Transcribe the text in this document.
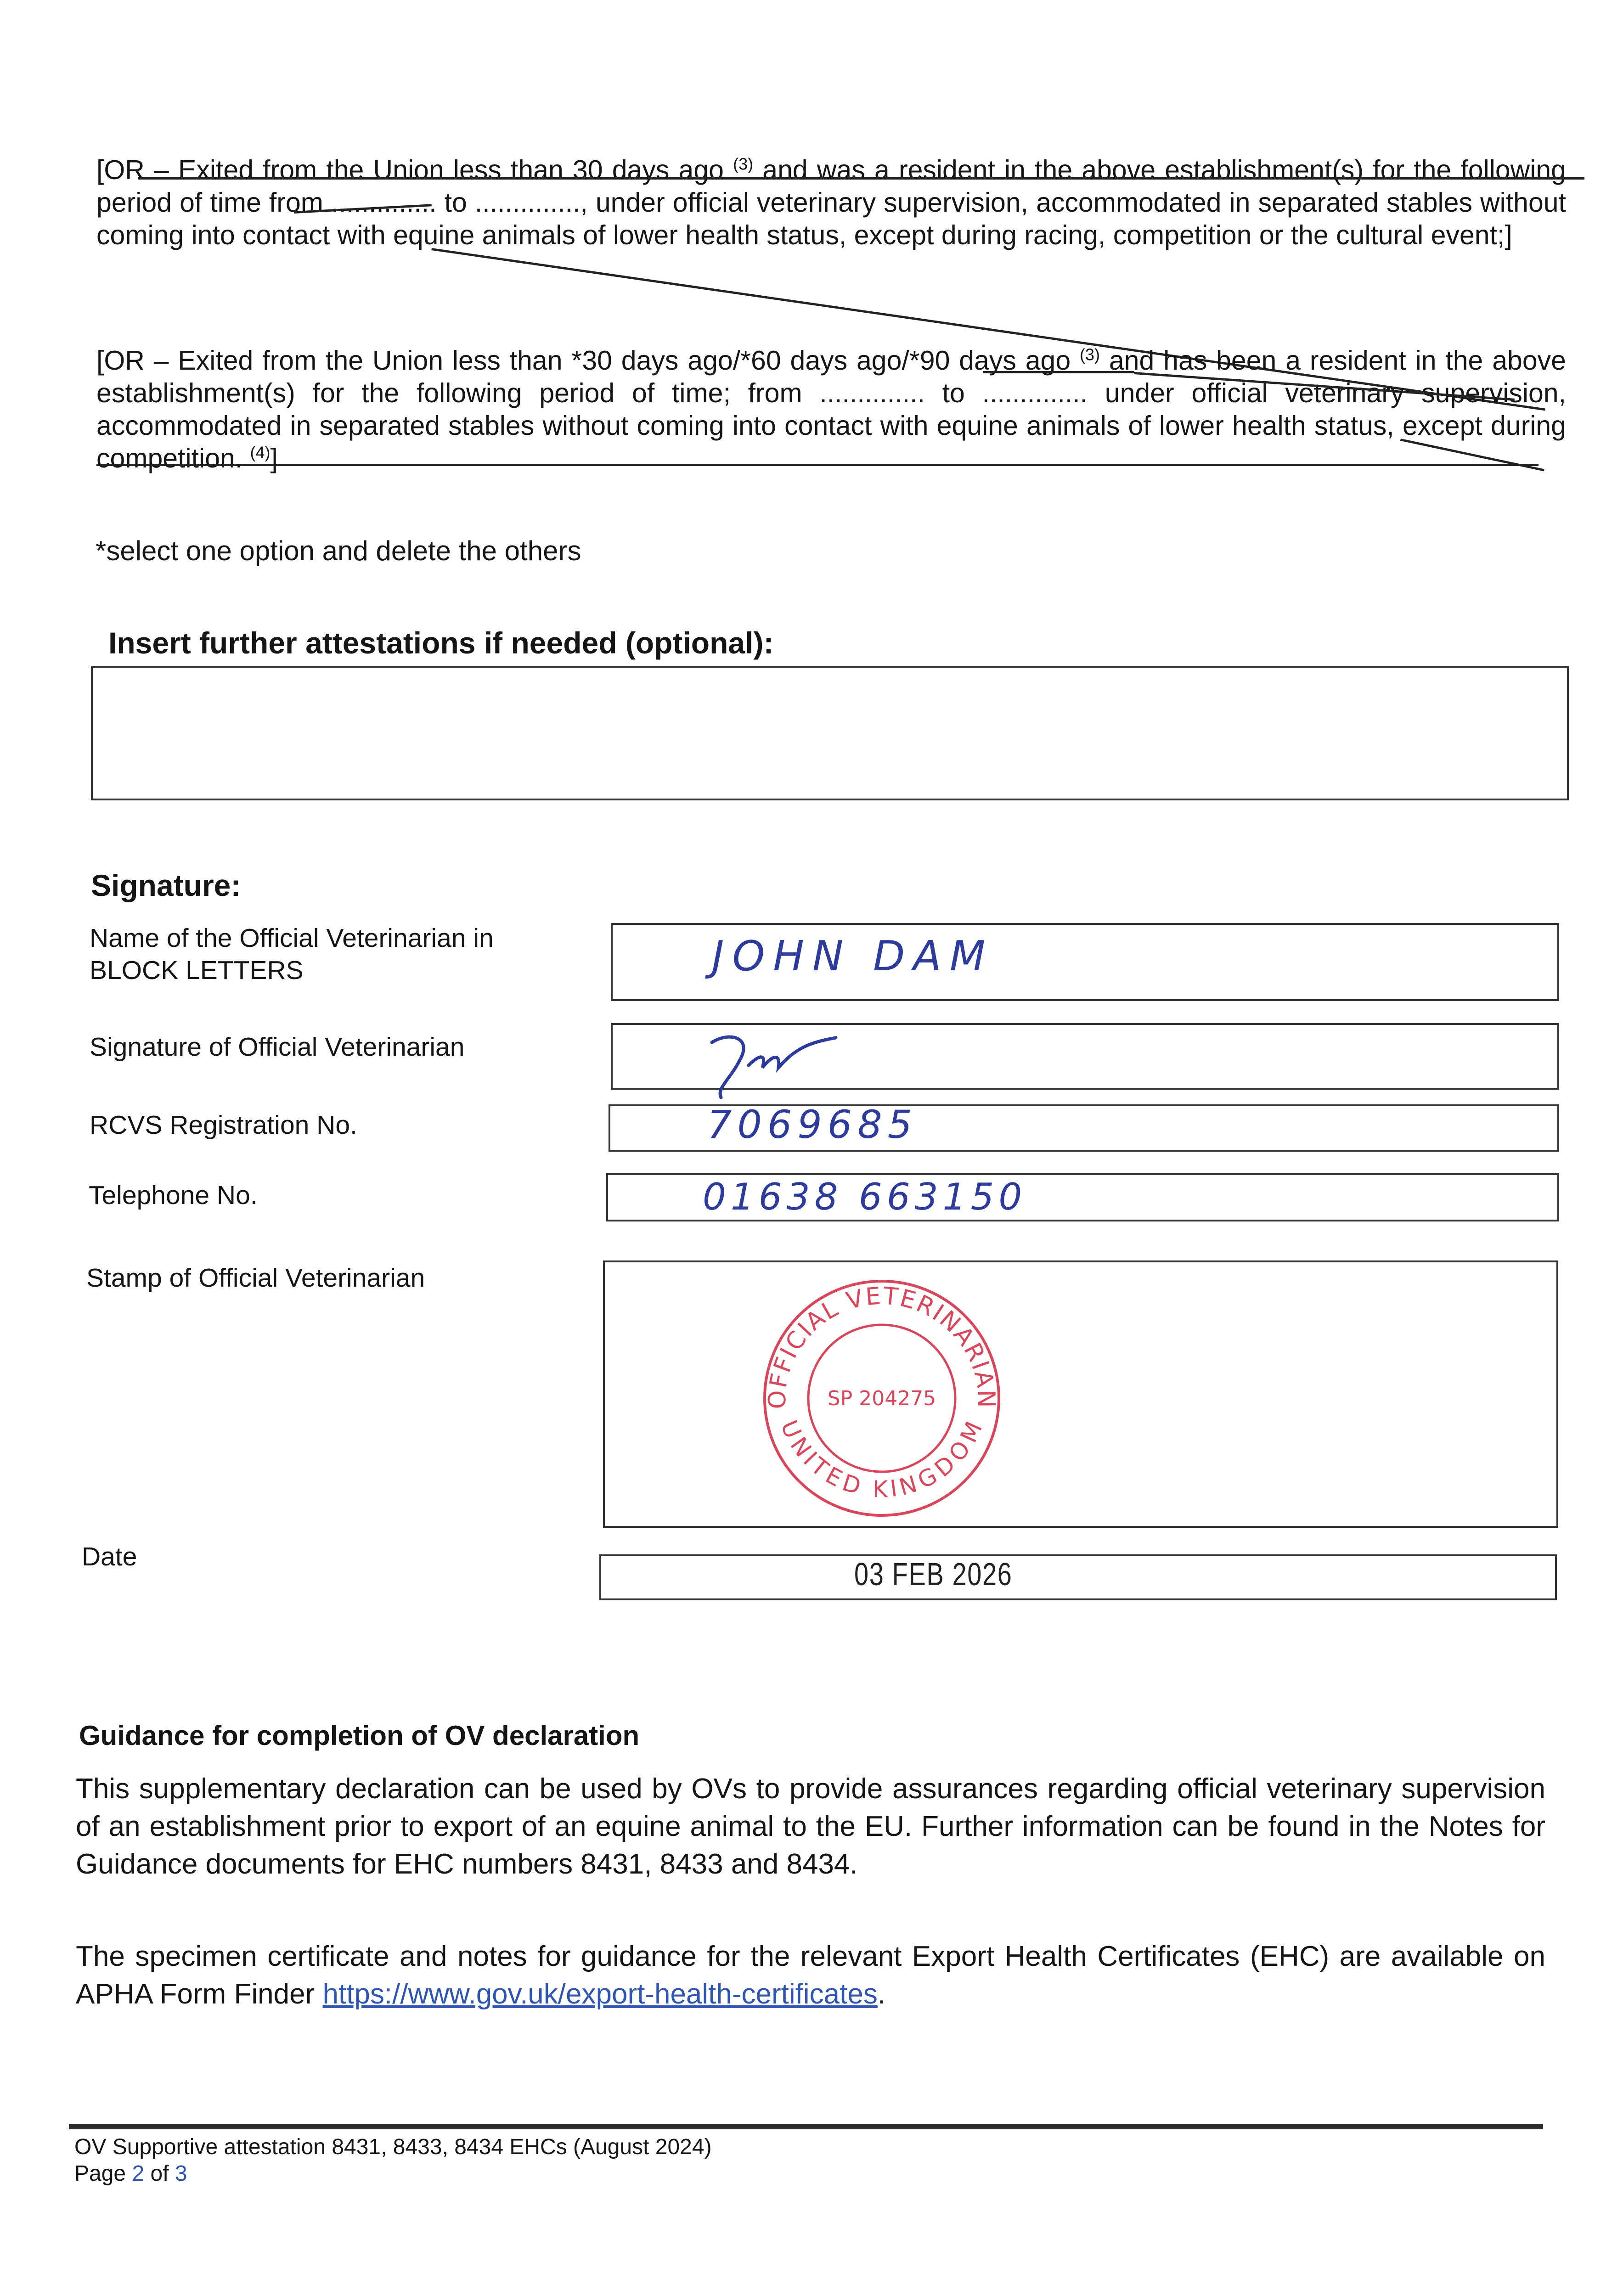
[OR – Exited from the Union less than 30 days ago $^{(3)}$ and was a resident in the above establishment(s) for the following period of time from .............. to .............., under official veterinary supervision, accommodated in separated stables without coming into contact with equine animals of lower health status, except during racing, competition or the cultural event;]

[OR – Exited from the Union less than *30 days ago/*60 days ago/*90 days ago $^{(3)}$ and has been a resident in the above establishment(s) for the following period of time; from .............. to .............. under official veterinary supervision, accommodated in separated stables without coming into contact with equine animals of lower health status, except during competition. $^{(4)}$]

*select one option and delete the others
Insert further attestations if needed (optional):
Signature:
Name of the Official Veterinarian in
BLOCK LETTERS	JOHN DAM
Signature of Official Veterinarian
RCVS Registration No.	7069685
Telephone No.	01638 663150
Stamp of Official Veterinarian
OFFICIAL VETERINARIAN
UNITED KINGDOM
SP 204275
Date	03 FEB 2026
Guidance for completion of OV declaration

This supplementary declaration can be used by OVs to provide assurances regarding official veterinary supervision of an establishment prior to export of an equine animal to the EU. Further information can be found in the Notes for Guidance documents for EHC numbers 8431, 8433 and 8434.

The specimen certificate and notes for guidance for the relevant Export Health Certificates (EHC) are available on APHA Form Finder https://www.gov.uk/export-health-certificates.

OV Supportive attestation 8431, 8433, 8434 EHCs (August 2024)
Page 2 of 3
